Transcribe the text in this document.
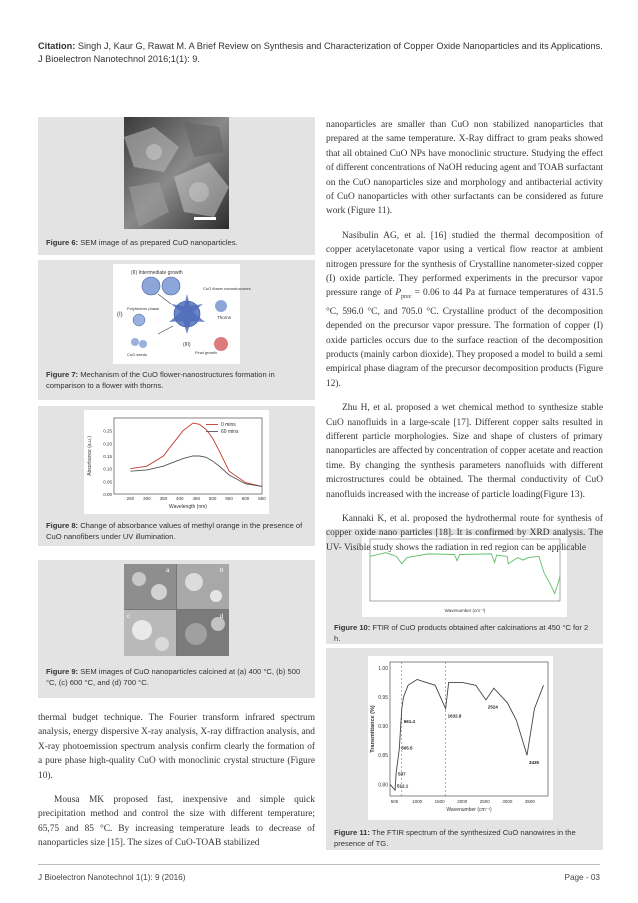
Citation: Singh J, Kaur G, Rawat M. A Brief Review on Synthesis and Characterization of Copper Oxide Nanoparticles and its Applications. J Bioelectron Nanotechnol 2016;1(1): 9.
Figure 6: SEM image of as prepared CuO nanoparticles.
(II) Intermediate growth
(I)
Polyhedron phase
CuO seeds
CuO flower nanostructures
Thorns
(III)
Final growth
Figure 7: Mechanism of the CuO flower-nanostructures formation in comparison to a flower with thorns.
0.00
0.05
0.10
0.15
0.20
0.25
250 300 350 400 450 500 550 600 650
Wavelength (nm)
Absorbance (a.u.)
0 mins
60 mins
Figure 8: Change of absorbance values of methyl orange in the presence of CuO nanofibers under UV illumination.
a	b
c	d
Figure 9: SEM images of CuO nanoparticles calcined at (a) 400 °C, (b) 500 °C, (c) 600 °C, and (d) 700 °C.
Wavenumber (cm⁻¹)
Figure 10: FTIR of CuO products obtained after calcinations at 450 °C for 2 h.
1.00
0.95
0.90
0.85
0.80
500	1000	1500	2000	2500	3000	3500
Wavenumber (cm⁻¹)
Transmittance (%)	661.4
605.5
537
512.1
1632.8
2524
3435
Figure 11: The FTIR spectrum of the synthesized CuO nanowires in the presence of TG.

thermal budget technique. The Fourier transform infrared spectrum analysis, energy dispersive X-ray analysis, X-ray diffraction analysis, and X-ray photoemission spectrum analysis confirm clearly the formation of a pure phase high-quality CuO with monoclinic crystal structure (Figure 10).

Mousa MK proposed fast, inexpensive and simple quick precipitation method and control the size with different temperature; 65,75 and 85 °C. By increasing temperature leads to decrease of nanoparticles size [15]. The sizes of CuO-TOAB stabilized

nanoparticles are smaller than CuO non stabilized nanoparticles that prepared at the same temperature. X-Ray diffract to gram peaks showed that all obtained CuO NPs have monoclinic structure. Studying the effect of different concentrations of NaOH reducing agent and TOAB surfactant on the CuO nanoparticles size and morphology and antibacterial activity of CuO nanoparticles with other surfactants can be considered as future work (Figure 11).

Nasibulin AG, et al. [16] studied the thermal decomposition of copper acetylacetonate vapor using a vertical flow reactor at ambient nitrogen pressure for the synthesis of Crystalline nanometer-sized copper (I) oxide particle. They performed experiments in the precursor vapor pressure range of $P_{prec} = 0.06$ to 44 Pa at furnace temperatures of 431.5 °C, 596.0 °C, and 705.0 °C. Crystalline product of the decomposition depended on the precursor vapor pressure. The formation of copper (I) oxide particles occurs due to the surface reaction of the decomposition products (mainly carbon dioxide). They proposed a model to build a semi empirical phase diagram of the precursor decomposition products (Figure 12).

Zhu H, et al. proposed a wet chemical method to synthesize stable CuO nanofluids in a large-scale [17]. Different copper salts resulted in different particle morphologies. Size and shape of clusters of primary nanoparticles are affected by concentration of copper acetate and reaction time. By changing the synthesis parameters nanofluids with different microstructures could be obtained. The thermal conductivity of CuO nanofluids increased with the increase of particle loading(Figure 13).

Kannaki K, et al. proposed the hydrothermal route for synthesis of copper oxide nano particles [18]. It is confirmed by XRD analysis. The UV- Visible study shows the radiation in red region can be applicable

J Bioelectron Nanotechnol 1(1): 9 (2016)	Page - 03
